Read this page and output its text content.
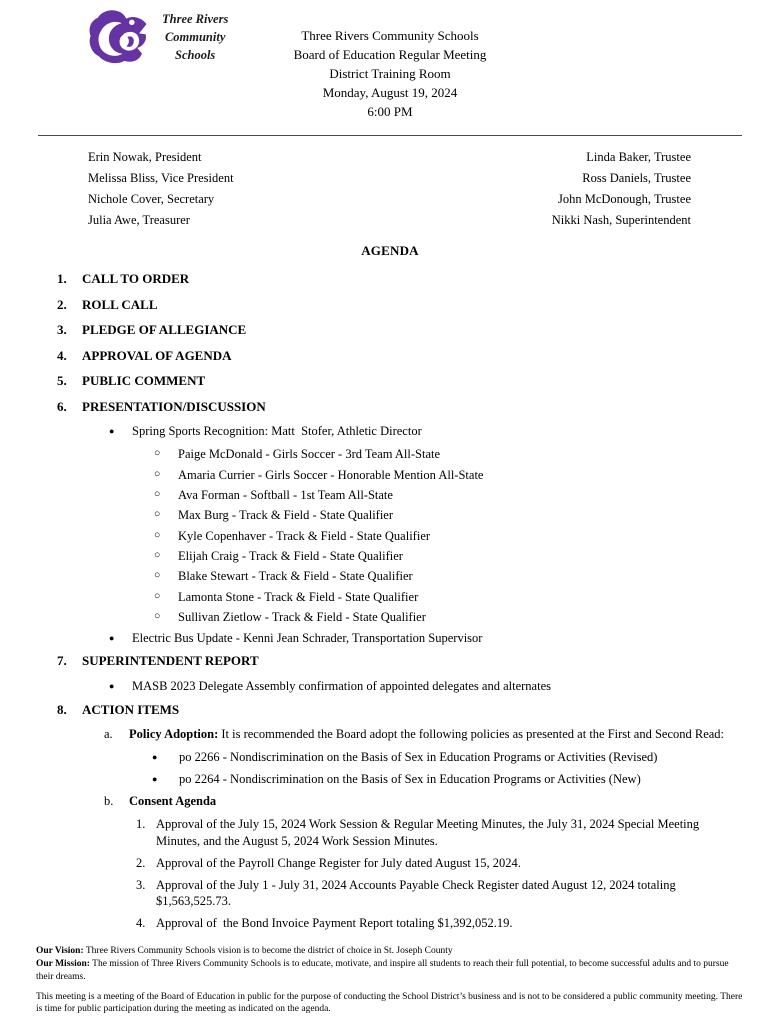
Three Rivers
Community
Schools
Three Rivers Community Schools
Board of Education Regular Meeting
District Training Room
Monday, August 19, 2024
6:00 PM
Erin Nowak, President
Melissa Bliss, Vice President
Nichole Cover, Secretary
Julia Awe, Treasurer
Linda Baker, Trustee
Ross Daniels, Trustee
John McDonough, Trustee
Nikki Nash, Superintendent
AGENDA
1.	CALL TO ORDER
2.	ROLL CALL
3.	PLEDGE OF ALLEGIANCE
4.	APPROVAL OF AGENDA
5.	PUBLIC COMMENT
6.	PRESENTATION/DISCUSSION
●	Spring Sports Recognition: Matt  Stofer, Athletic Director
○	Paige McDonald - Girls Soccer - 3rd Team All-State
○	Amaria Currier - Girls Soccer - Honorable Mention All-State
○	Ava Forman - Softball - 1st Team All-State
○	Max Burg - Track & Field - State Qualifier
○	Kyle Copenhaver - Track & Field - State Qualifier
○	Elijah Craig - Track & Field - State Qualifier
○	Blake Stewart - Track & Field - State Qualifier
○	Lamonta Stone - Track & Field - State Qualifier
○	Sullivan Zietlow - Track & Field - State Qualifier
●	Electric Bus Update - Kenni Jean Schrader, Transportation Supervisor
7.	SUPERINTENDENT REPORT
●	MASB 2023 Delegate Assembly confirmation of appointed delegates and alternates
8.	ACTION ITEMS
a.	Policy Adoption: It is recommended the Board adopt the following policies as presented at the First and Second Read:
●	po 2266 - Nondiscrimination on the Basis of Sex in Education Programs or Activities (Revised)
●	po 2264 - Nondiscrimination on the Basis of Sex in Education Programs or Activities (New)
b.	Consent Agenda
1. Approval of the July 15, 2024 Work Session & Regular Meeting Minutes, the July 31, 2024 Special Meeting Minutes, and the August 5, 2024 Work Session Minutes.
2. Approval of the Payroll Change Register for July dated August 15, 2024.
3. Approval of the July 1 - July 31, 2024 Accounts Payable Check Register dated August 12, 2024 totaling $1,563,525.73.
4. Approval of  the Bond Invoice Payment Report totaling $1,392,052.19.

Our Vision: Three Rivers Community Schools vision is to become the district of choice in St. Joseph County

Our Mission: The mission of Three Rivers Community Schools is to educate, motivate, and inspire all students to reach their full potential, to become successful adults and to pursue their dreams.

This meeting is a meeting of the Board of Education in public for the purpose of conducting the School District’s business and is not to be considered a public community meeting. There is time for public participation during the meeting as indicated on the agenda.
